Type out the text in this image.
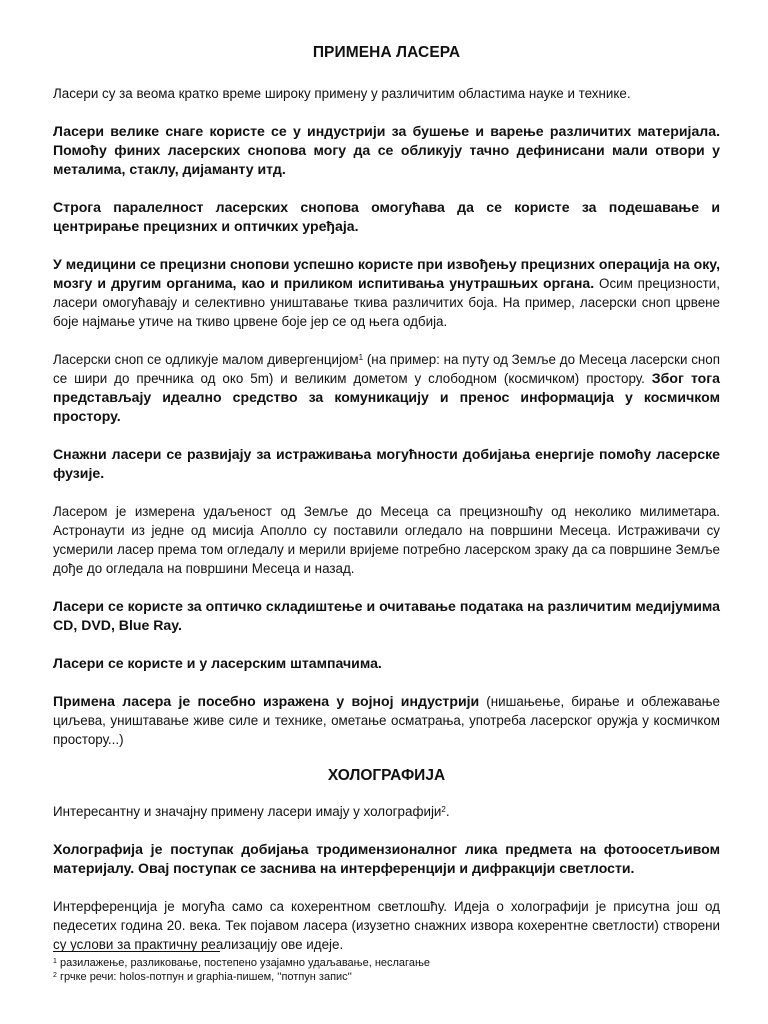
ПРИМЕНА ЛАСЕРА

Ласери су за веома кратко време широку примену у различитим областима науке и технике.

Ласери велике снаге користе се у индустрији за бушење и варење различитих материјала. Помоћу финих ласерских снопова могу да се обликују тачно дефинисани мали отвори у металима, стаклу, дијаманту итд.

Строга паралелност ласерских снопова омогућава да се користе за подешавање и центрирање прецизних и оптичких уређаја.

У медицини се прецизни снопови успешно користе при извођењу прецизних операција на оку, мозгу и другим органима, као и приликом испитивања унутрашњих органа. Осим прецизности, ласери омогућавају и селективно уништавање ткива различитих боја. На пример, ласерски сноп црвене боје најмање утиче на ткиво црвене боје јер се од њега одбија.

Ласерски сноп се одликује малом дивергенцијом$^1$ (на пример: на путу од Земље до Месеца ласерски сноп се шири до пречника од око 5m) и великим дометом у слободном (космичком) простору. Због тога представљају идеално средство за комуникацију и пренос информација у космичком простору.

Снажни ласери се развијају за истраживања могућности добијања енергије помоћу ласерске фузије.

Ласером је измерена удаљеност од Земље до Месеца са прецизношћу од неколико милиметара. Астронаути из једне од мисија Аполло су поставили огледало на површини Месеца. Истраживачи су усмерили ласер према том огледалу и мерили вријеме потребно ласерском зраку да са површине Земље дође до огледала на површини Месеца и назад.

Ласери се користе за оптичко складиштење и очитавање података на различитим медијумима CD, DVD, Blue Ray.

Ласери се користе и у ласерским штампачима.

Примена ласера је посебно изражена у војној индустрији (нишањење, бирање и облежавање циљева, уништавање живе силе и технике, ометање осматрања, употреба ласерског оружја у космичком простору...)

ХОЛОГРАФИЈА

Интересантну и значајну примену ласери имају у холографији$^2$.

Холографија је поступак добијања тродимензионалног лика предмета на фотоосетљивом материјалу. Овај поступак се заснива на интерференцији и дифракцији светлости.

Интерференција је могућа само са кохерентном светлошћу. Идеја о холографији је присутна још од педесетих година 20. века. Тек појавом ласера (изузетно снажних извора кохерентне светлости) створени су услови за практичну реализацију ове идеје.

$^1$ разилажење, разликовање, постепено узајамно удаљавање, неслагање

$^2$ грчке речи: holos-потпун и graphia-пишем, ''потпун запис''
